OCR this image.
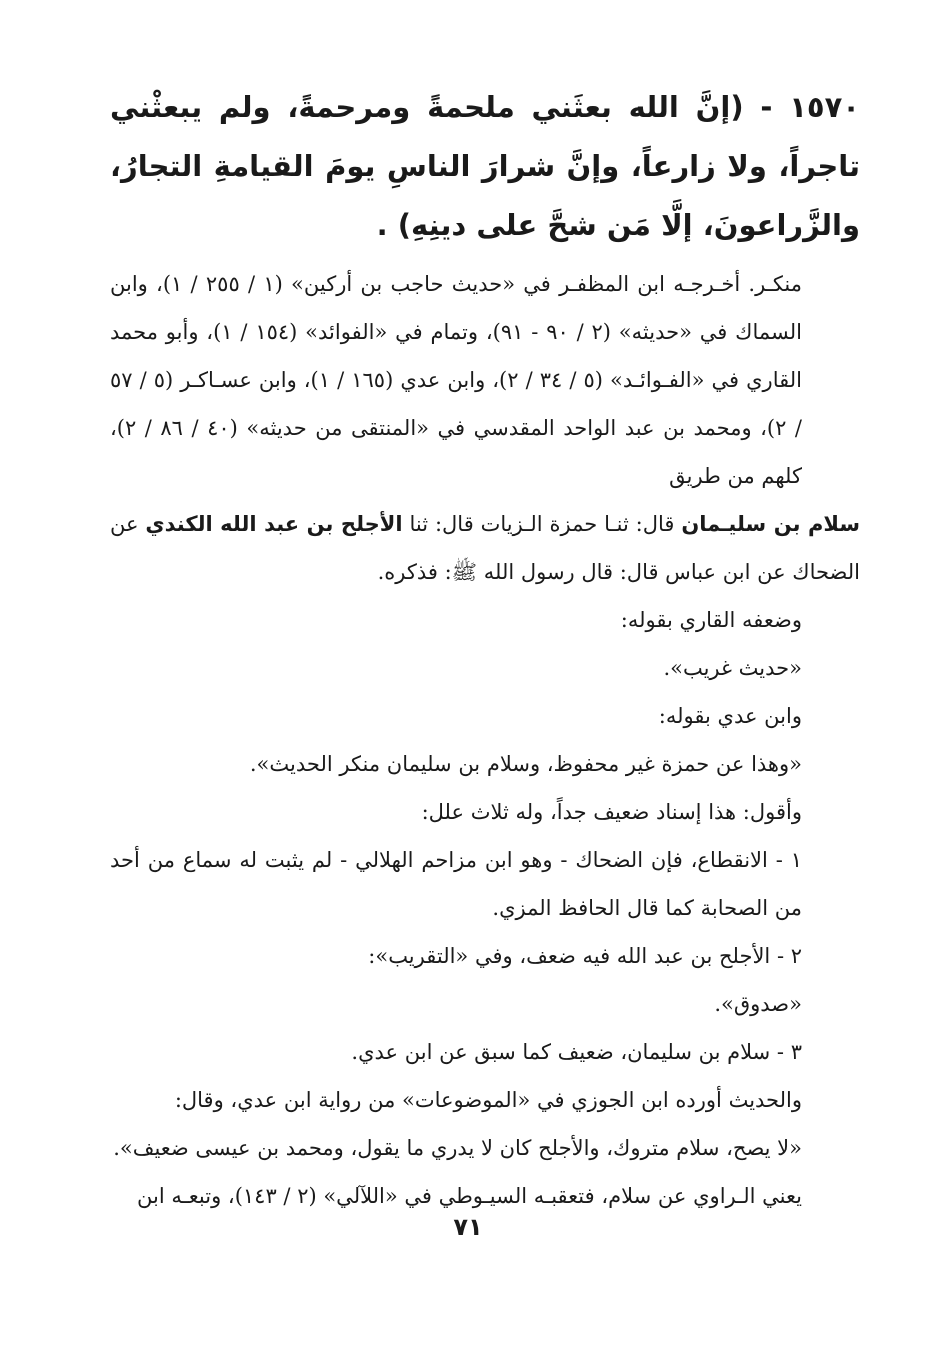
١٥٧٠ - (إنَّ الله بعثَني ملحمةً ومرحمةً، ولم يبعثْني تاجراً، ولا زارعاً، وإنَّ شرارَ الناسِ يومَ القيامةِ التجارُ، والزَّراعونَ، إلَّا مَن شحَّ على دينِهِ) .

منكـر. أخـرجـه ابن المظفـر في «حديث حاجب بن أركين» (١ / ٢٥٥ / ١)، وابن السماك في «حديثه» (٢ / ٩٠ - ٩١)، وتمام في «الفوائد» (١٥٤ / ١)، وأبو محمد القاري في «الفـوائـد» (٥ / ٣٤ / ٢)، وابن عدي (١٦٥ / ١)، وابن عسـاكـر (٥ / ٥٧ / ٢)، ومحمد بن عبد الواحد المقدسي في «المنتقى من حديثه» (٤٠ / ٨٦ / ٢)، كلهم من طريق

سلام بن سليـمان قال: ثنـا حمزة الـزيات قال: ثنا الأجلح بن عبد الله الكندي عن الضحاك عن ابن عباس قال: قال رسول الله ﷺ: فذكره.

وضعفه القاري بقوله:

«حديث غريب».

وابن عدي بقوله:

«وهذا عن حمزة غير محفوظ، وسلام بن سليمان منكر الحديث».

وأقول: هذا إسناد ضعيف جداً، وله ثلاث علل:

١ - الانقطاع، فإن الضحاك - وهو ابن مزاحم الهلالي - لم يثبت له سماع من أحد من الصحابة كما قال الحافظ المزي.

٢ - الأجلح بن عبد الله فيه ضعف، وفي «التقريب»:

«صدوق».

٣ - سلام بن سليمان، ضعيف كما سبق عن ابن عدي.

والحديث أورده ابن الجوزي في «الموضوعات» من رواية ابن عدي، وقال:

«لا يصح، سلام متروك، والأجلح كان لا يدري ما يقول، ومحمد بن عيسى ضعيف».

يعني الـراوي عن سلام، فتعقبـه السيـوطي في «اللآلي» (٢ / ١٤٣)، وتبعـه ابن

٧١
